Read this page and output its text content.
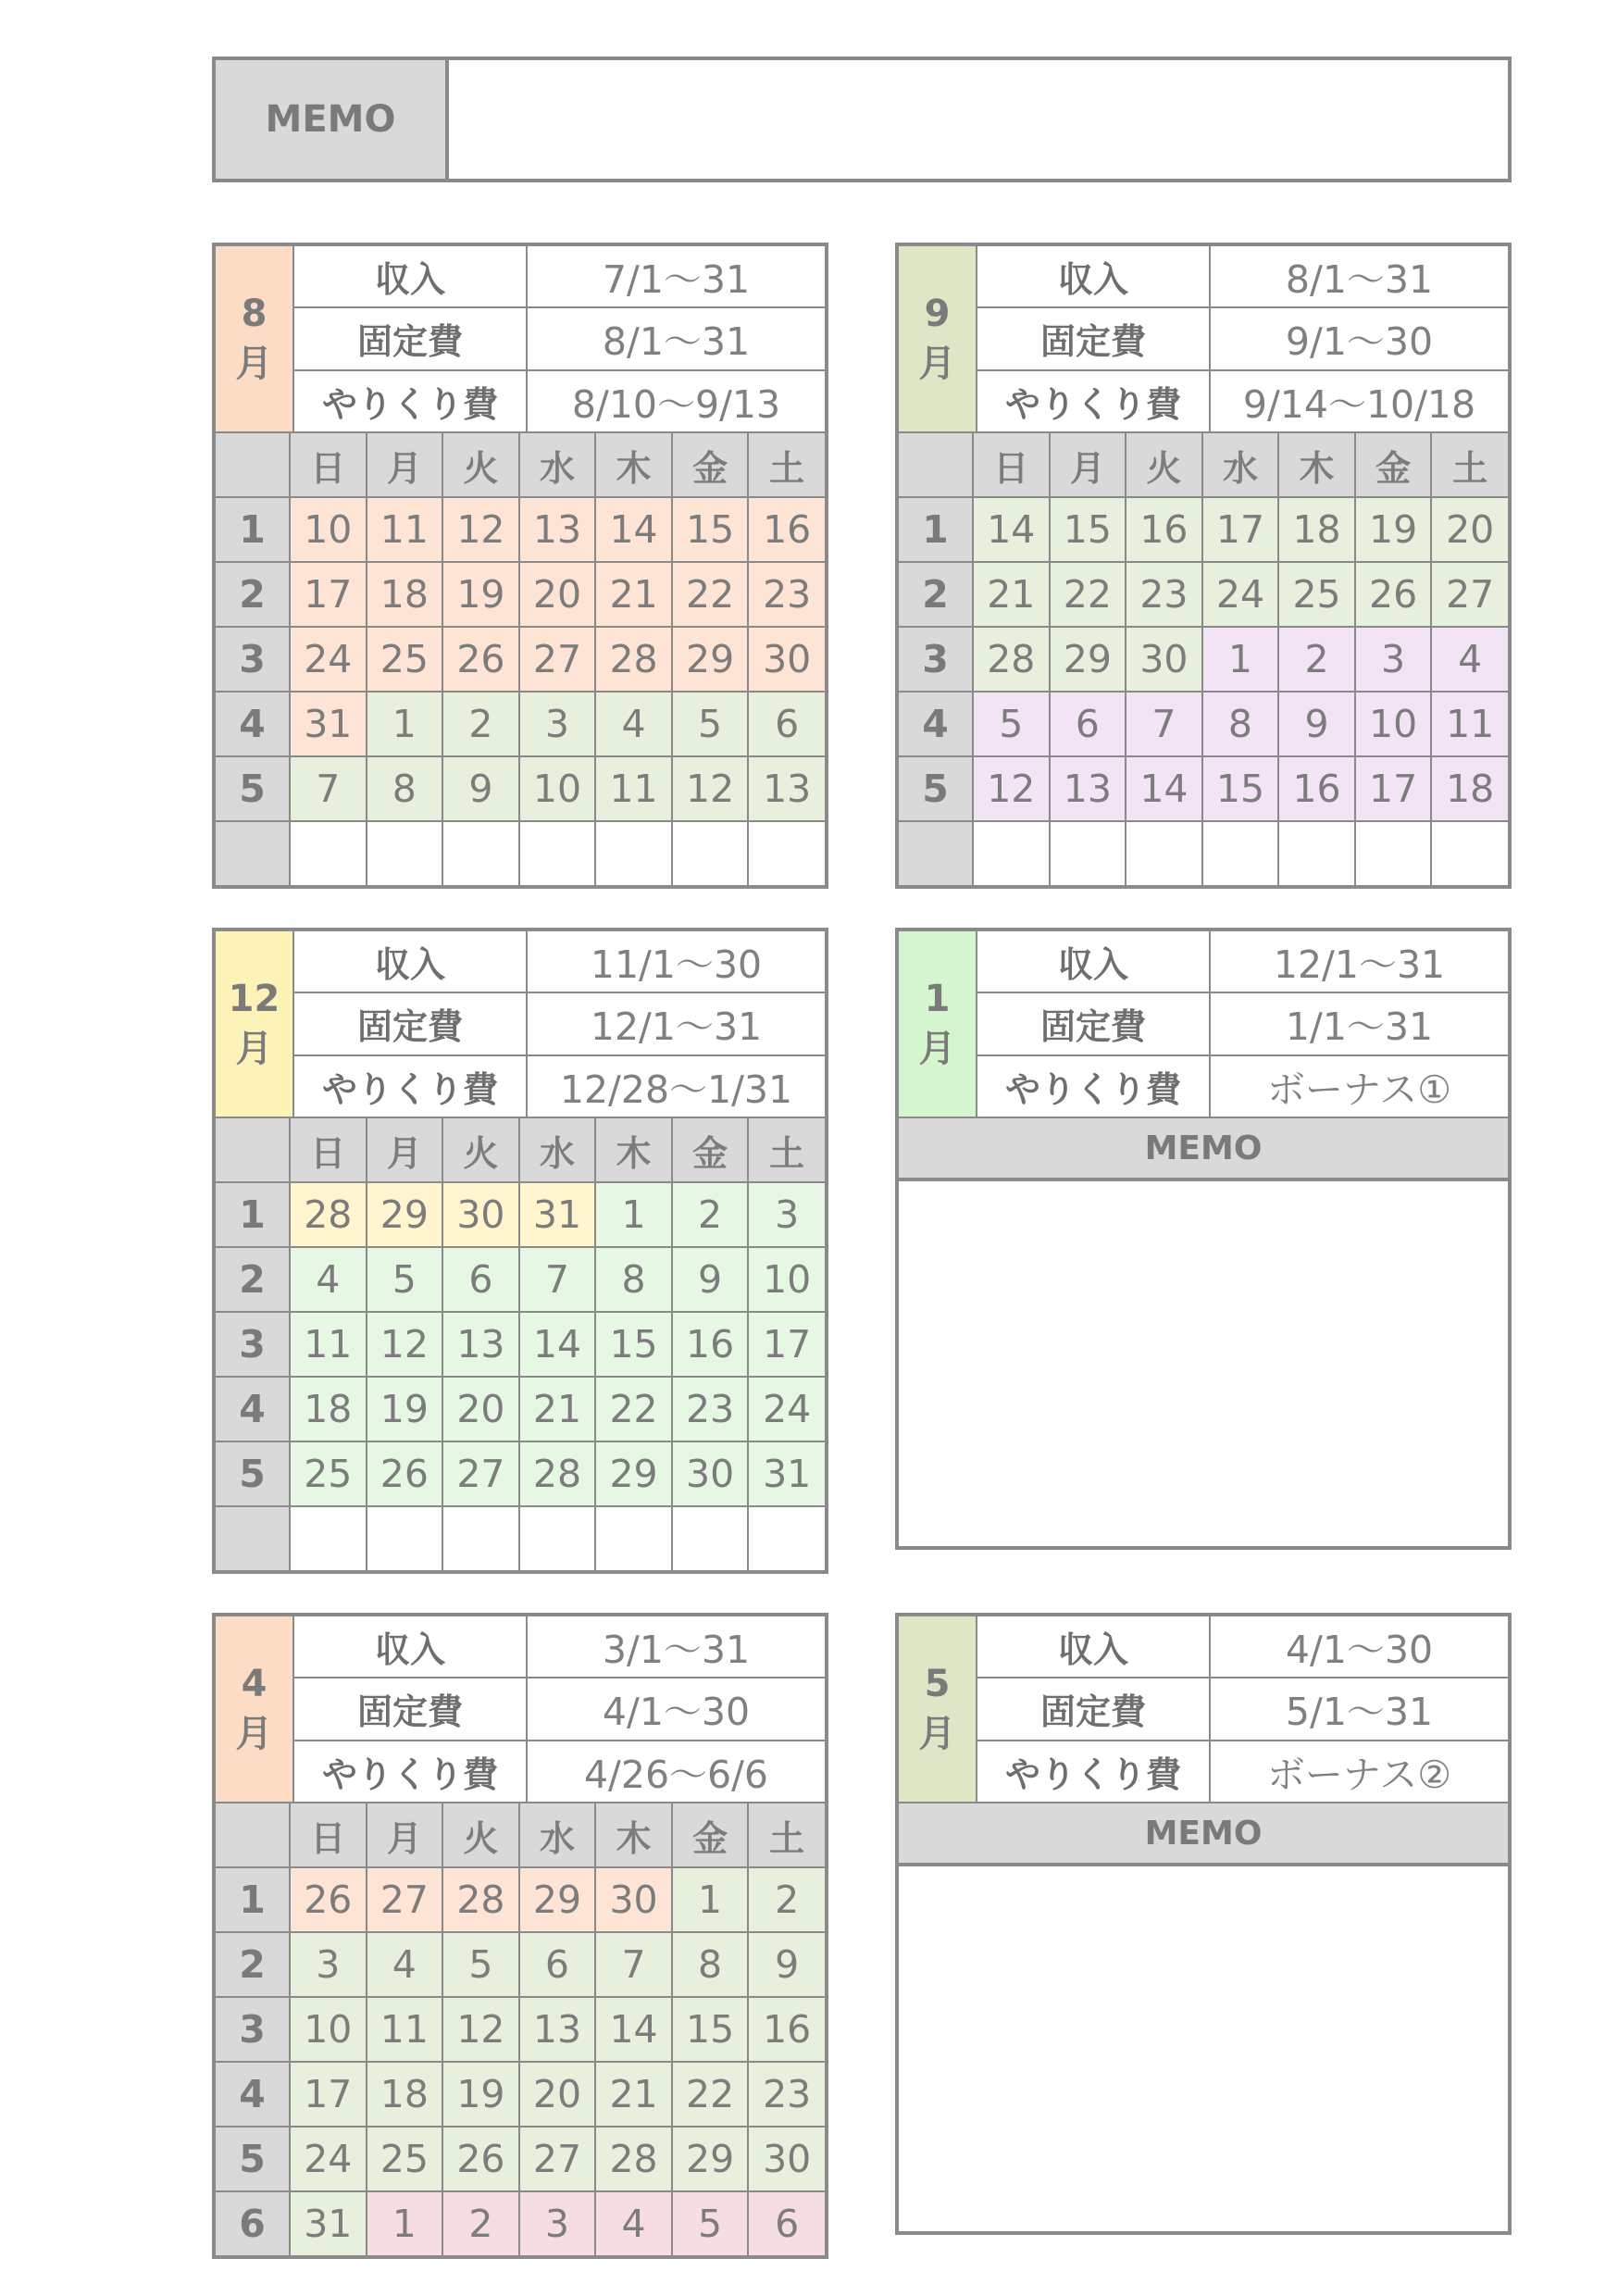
MEMO
8
月
収入	7/1〜31
固定費	8/1〜31
やりくり費	8/10〜9/13
	日	月	火	水	木	金	土
1	10	11	12	13	14	15	16
2	17	18	19	20	21	22	23
3	24	25	26	27	28	29	30
4	31	1	2	3	4	5	6
5	7	8	9	10	11	12	13

9
月
収入	8/1〜31
固定費	9/1〜30
やりくり費	9/14〜10/18
	日	月	火	水	木	金	土
1	14	15	16	17	18	19	20
2	21	22	23	24	25	26	27
3	28	29	30	1	2	3	4
4	5	6	7	8	9	10	11
5	12	13	14	15	16	17	18

12
月
収入	11/1〜30
固定費	12/1〜31
やりくり費	12/28〜1/31
	日	月	火	水	木	金	土
1	28	29	30	31	1	2	3
2	4	5	6	7	8	9	10
3	11	12	13	14	15	16	17
4	18	19	20	21	22	23	24
5	25	26	27	28	29	30	31

1
月
収入	12/1〜31
固定費	1/1〜31
やりくり費	ボーナス①
MEMO
4
月
収入	3/1〜31
固定費	4/1〜30
やりくり費	4/26〜6/6
	日	月	火	水	木	金	土
1	26	27	28	29	30	1	2
2	3	4	5	6	7	8	9
3	10	11	12	13	14	15	16
4	17	18	19	20	21	22	23
5	24	25	26	27	28	29	30
6	31	1	2	3	4	5	6
5
月
収入	4/1〜30
固定費	5/1〜31
やりくり費	ボーナス②
MEMO
